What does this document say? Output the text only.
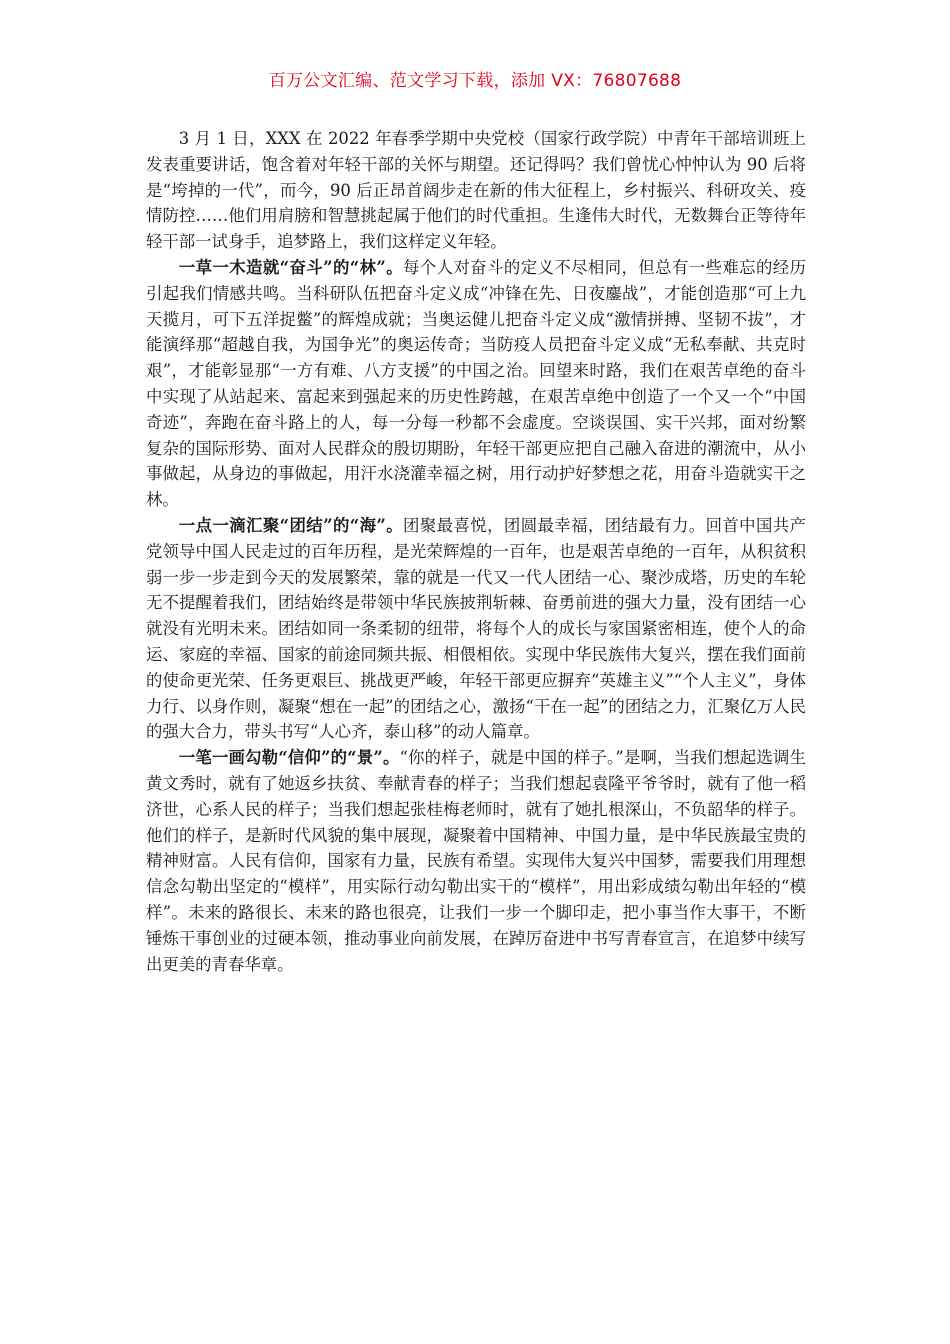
百万公文汇编、范文学习下载，添加 VX：76807688

3 月 1 日，XXX 在 2022 年春季学期中央党校（国家行政学院）中青年干部培训班上发表重要讲话，饱含着对年轻干部的关怀与期望。还记得吗？我们曾忧心忡忡认为 90 后将是“垮掉的一代”，而今，90 后正昂首阔步走在新的伟大征程上，乡村振兴、科研攻关、疫情防控……他们用肩膀和智慧挑起属于他们的时代重担。生逢伟大时代，无数舞台正等待年轻干部一试身手，追梦路上，我们这样定义年轻。

一草一木造就“奋斗”的“林”。每个人对奋斗的定义不尽相同，但总有一些难忘的经历引起我们情感共鸣。当科研队伍把奋斗定义成“冲锋在先、日夜鏖战”，才能创造那“可上九天揽月，可下五洋捉鳖”的辉煌成就；当奥运健儿把奋斗定义成“激情拼搏、坚韧不拔”，才能演绎那“超越自我，为国争光”的奥运传奇；当防疫人员把奋斗定义成“无私奉献、共克时艰”，才能彰显那“一方有难、八方支援”的中国之治。回望来时路，我们在艰苦卓绝的奋斗中实现了从站起来、富起来到强起来的历史性跨越，在艰苦卓绝中创造了一个又一个“中国奇迹”，奔跑在奋斗路上的人，每一分每一秒都不会虚度。空谈误国、实干兴邦，面对纷繁复杂的国际形势、面对人民群众的殷切期盼，年轻干部更应把自己融入奋进的潮流中，从小事做起，从身边的事做起，用汗水浇灌幸福之树，用行动护好梦想之花，用奋斗造就实干之林。

一点一滴汇聚“团结”的“海”。团聚最喜悦，团圆最幸福，团结最有力。回首中国共产党领导中国人民走过的百年历程，是光荣辉煌的一百年，也是艰苦卓绝的一百年，从积贫积弱一步一步走到今天的发展繁荣，靠的就是一代又一代人团结一心、聚沙成塔，历史的车轮无不提醒着我们，团结始终是带领中华民族披荆斩棘、奋勇前进的强大力量，没有团结一心就没有光明未来。团结如同一条柔韧的纽带，将每个人的成长与家国紧密相连，使个人的命运、家庭的幸福、国家的前途同频共振、相偎相依。实现中华民族伟大复兴，摆在我们面前的使命更光荣、任务更艰巨、挑战更严峻，年轻干部更应摒弃“英雄主义”“个人主义”，身体力行、以身作则，凝聚“想在一起”的团结之心，激扬“干在一起”的团结之力，汇聚亿万人民的强大合力，带头书写“人心齐，泰山移”的动人篇章。

一笔一画勾勒“信仰”的“景”。“你的样子，就是中国的样子。”是啊，当我们想起选调生黄文秀时，就有了她返乡扶贫、奉献青春的样子；当我们想起袁隆平爷爷时，就有了他一稻济世，心系人民的样子；当我们想起张桂梅老师时，就有了她扎根深山，不负韶华的样子。他们的样子，是新时代风貌的集中展现，凝聚着中国精神、中国力量，是中华民族最宝贵的精神财富。人民有信仰，国家有力量，民族有希望。实现伟大复兴中国梦，需要我们用理想信念勾勒出坚定的“模样”，用实际行动勾勒出实干的“模样”，用出彩成绩勾勒出年轻的“模样”。未来的路很长、未来的路也很亮，让我们一步一个脚印走，把小事当作大事干，不断锤炼干事创业的过硬本领，推动事业向前发展，在踔厉奋进中书写青春宣言，在追梦中续写出更美的青春华章。
